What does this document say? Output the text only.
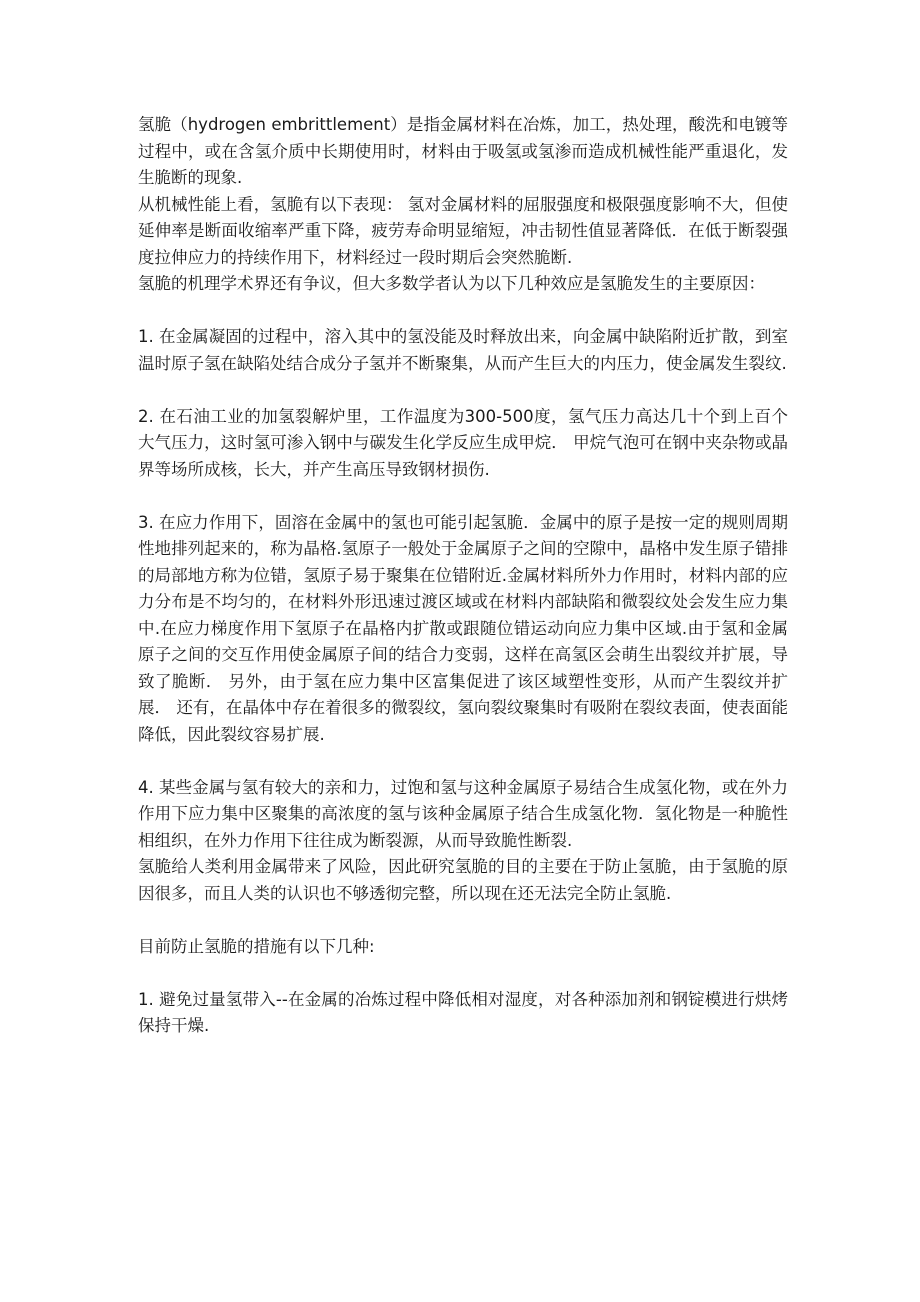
氢脆（hydrogen embrittlement）是指金属材料在冶炼，加工，热处理，酸洗和电镀等过程中，或在含氢介质中长期使用时，材料由于吸氢或氢渗而造成机械性能严重退化，发生脆断的现象.

从机械性能上看，氢脆有以下表现： 氢对金属材料的屈服强度和极限强度影响不大，但使延伸率是断面收缩率严重下降，疲劳寿命明显缩短，冲击韧性值显著降低．在低于断裂强度拉伸应力的持续作用下，材料经过一段时期后会突然脆断.

氢脆的机理学术界还有争议，但大多数学者认为以下几种效应是氢脆发生的主要原因：

1. 在金属凝固的过程中，溶入其中的氢没能及时释放出来，向金属中缺陷附近扩散，到室温时原子氢在缺陷处结合成分子氢并不断聚集，从而产生巨大的内压力，使金属发生裂纹.

2. 在石油工业的加氢裂解炉里，工作温度为300-500度，氢气压力高达几十个到上百个大气压力，这时氢可渗入钢中与碳发生化学反应生成甲烷． 甲烷气泡可在钢中夹杂物或晶界等场所成核，长大，并产生高压导致钢材损伤.

3. 在应力作用下，固溶在金属中的氢也可能引起氢脆．金属中的原子是按一定的规则周期性地排列起来的，称为晶格.氢原子一般处于金属原子之间的空隙中，晶格中发生原子错排的局部地方称为位错，氢原子易于聚集在位错附近.金属材料所外力作用时，材料内部的应力分布是不均匀的，在材料外形迅速过渡区域或在材料内部缺陷和微裂纹处会发生应力集中.在应力梯度作用下氢原子在晶格内扩散或跟随位错运动向应力集中区域.由于氢和金属原子之间的交互作用使金属原子间的结合力变弱，这样在高氢区会萌生出裂纹并扩展，导致了脆断． 另外，由于氢在应力集中区富集促进了该区域塑性变形，从而产生裂纹并扩展． 还有，在晶体中存在着很多的微裂纹，氢向裂纹聚集时有吸附在裂纹表面，使表面能降低，因此裂纹容易扩展.

4. 某些金属与氢有较大的亲和力，过饱和氢与这种金属原子易结合生成氢化物，或在外力作用下应力集中区聚集的高浓度的氢与该种金属原子结合生成氢化物．氢化物是一种脆性相组织，在外力作用下往往成为断裂源，从而导致脆性断裂.

氢脆给人类利用金属带来了风险，因此研究氢脆的目的主要在于防止氢脆，由于氢脆的原因很多，而且人类的认识也不够透彻完整，所以现在还无法完全防止氢脆.

目前防止氢脆的措施有以下几种:

1. 避免过量氢带入--在金属的冶炼过程中降低相对湿度，对各种添加剂和钢锭模进行烘烤保持干燥.
